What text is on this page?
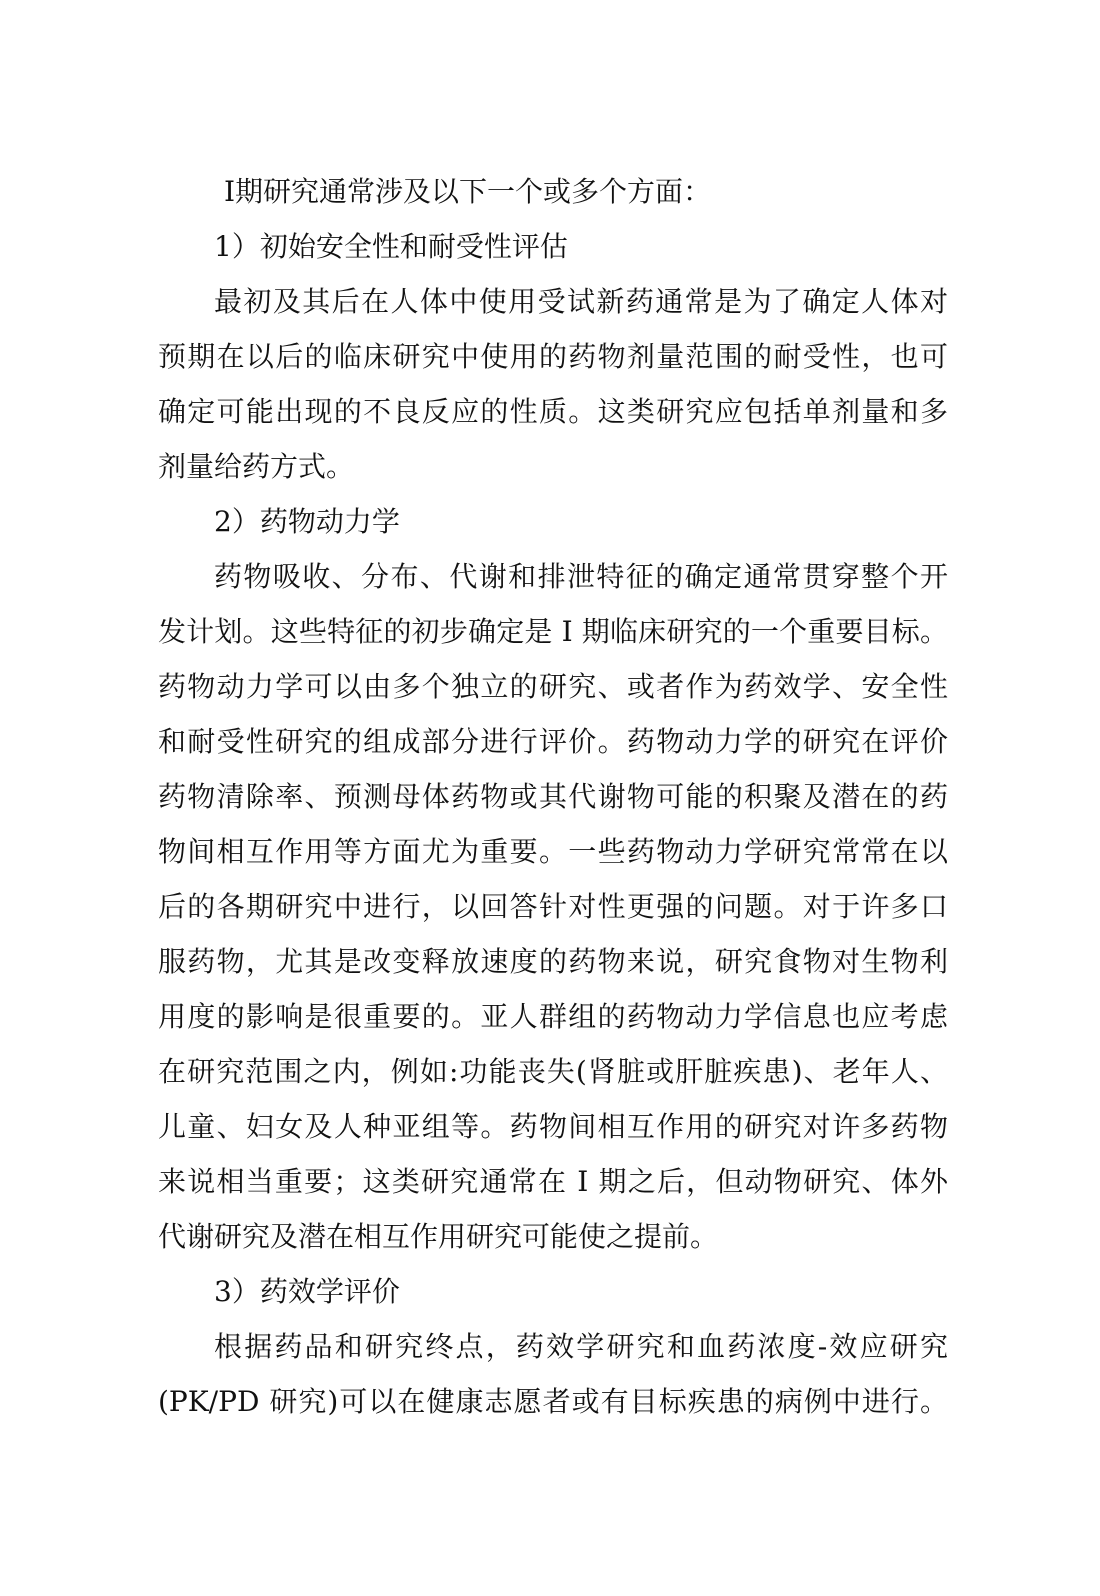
Ⅰ期研究通常涉及以下一个或多个方面：
1）初始安全性和耐受性评估
最初及其后在人体中使用受试新药通常是为了确定人体对
预期在以后的临床研究中使用的药物剂量范围的耐受性，也可
确定可能出现的不良反应的性质。这类研究应包括单剂量和多
剂量给药方式。
2）药物动力学
药物吸收、分布、代谢和排泄特征的确定通常贯穿整个开
发计划。这些特征的初步确定是 I 期临床研究的一个重要目标。
药物动力学可以由多个独立的研究、或者作为药效学、安全性
和耐受性研究的组成部分进行评价。药物动力学的研究在评价
药物清除率、预测母体药物或其代谢物可能的积聚及潜在的药
物间相互作用等方面尤为重要。一些药物动力学研究常常在以
后的各期研究中进行，以回答针对性更强的问题。对于许多口
服药物，尤其是改变释放速度的药物来说，研究食物对生物利
用度的影响是很重要的。亚人群组的药物动力学信息也应考虑
在研究范围之内，例如:功能丧失(肾脏或肝脏疾患)、老年人、
儿童、妇女及人种亚组等。药物间相互作用的研究对许多药物
来说相当重要；这类研究通常在 I 期之后，但动物研究、体外
代谢研究及潜在相互作用研究可能使之提前。
3）药效学评价
根据药品和研究终点，药效学研究和血药浓度-效应研究
(PK/PD 研究)可以在健康志愿者或有目标疾患的病例中进行。
